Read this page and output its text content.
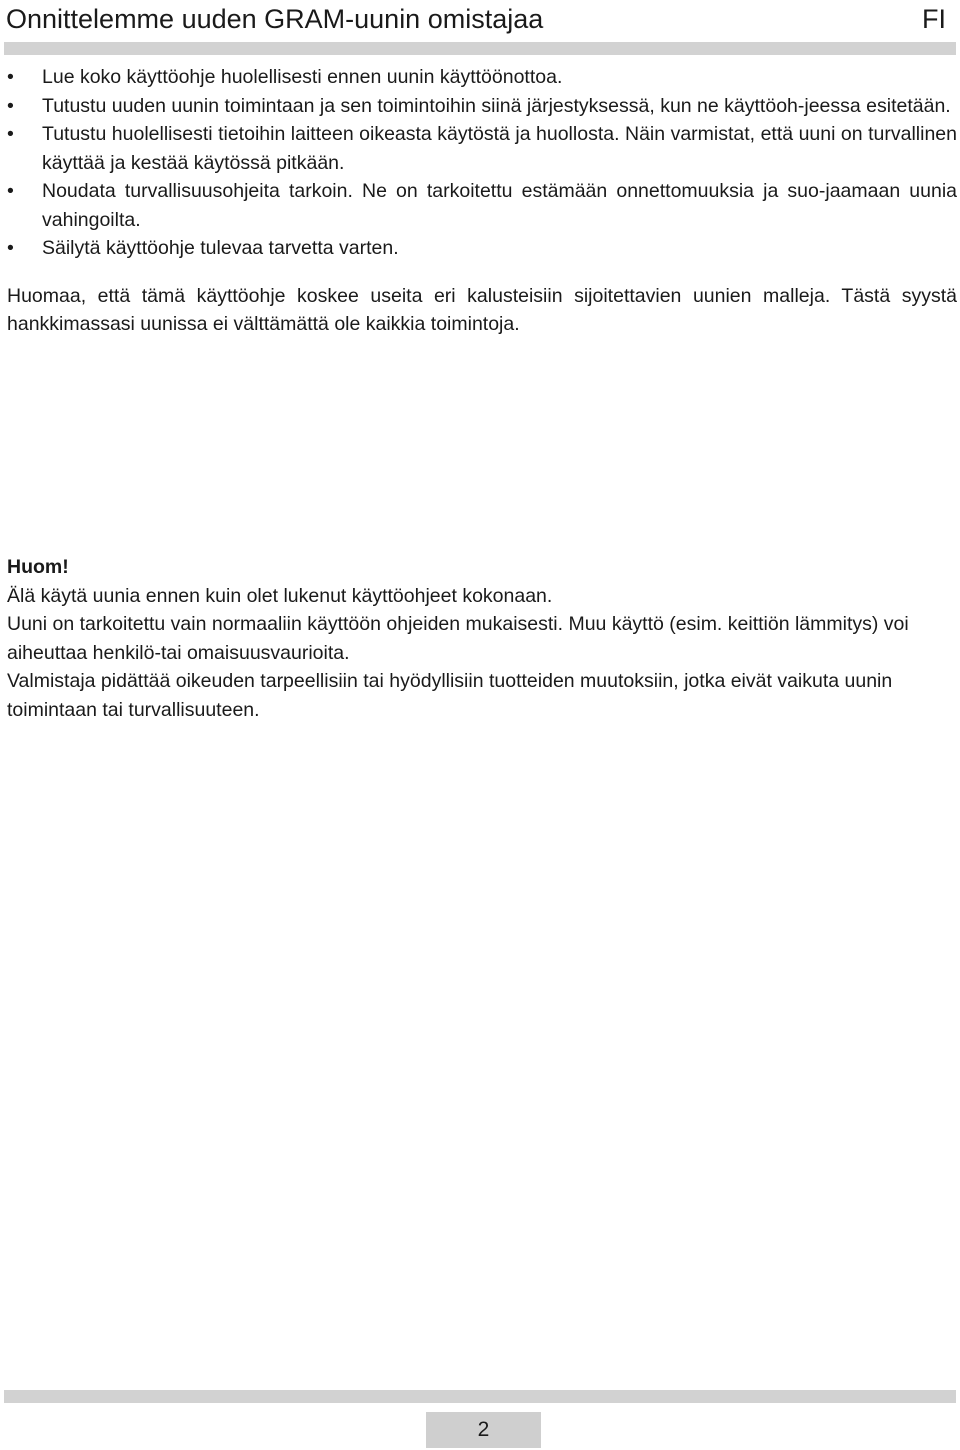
Onnittelemme uuden GRAM-uunin omistajaa	FI
• Lue koko käyttöohje huolellisesti ennen uunin käyttöönottoa.
• Tutustu uuden uunin toimintaan ja sen toimintoihin siinä järjestyksessä, kun ne käyttöoh-jeessa esitetään.
• Tutustu huolellisesti tietoihin laitteen oikeasta käytöstä ja huollosta. Näin varmistat, että uuni on turvallinen käyttää ja kestää käytössä pitkään.
• Noudata turvallisuusohjeita tarkoin. Ne on tarkoitettu estämään onnettomuuksia ja suo-jaamaan uunia vahingoilta.
• Säilytä käyttöohje tulevaa tarvetta varten.
Huomaa, että tämä käyttöohje koskee useita eri kalusteisiin sijoitettavien uunien malleja. Tästä syystä hankkimassasi uunissa ei välttämättä ole kaikkia toimintoja.
Huom!
Älä käytä uunia ennen kuin olet lukenut käyttöohjeet kokonaan.
Uuni on tarkoitettu vain normaaliin käyttöön ohjeiden mukaisesti. Muu käyttö (esim. keittiön lämmitys) voi aiheuttaa henkilö-tai omaisuusvaurioita.
Valmistaja pidättää oikeuden tarpeellisiin tai hyödyllisiin tuotteiden muutoksiin, jotka eivät vaikuta uunin toimintaan tai turvallisuuteen.
2
